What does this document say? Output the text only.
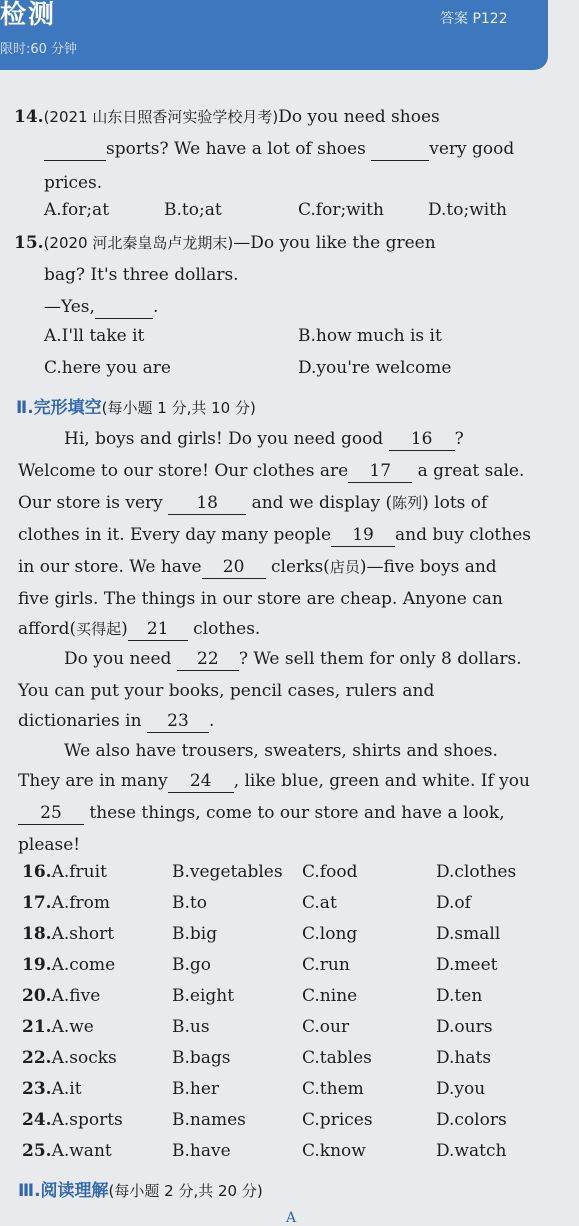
检测
限时:60 分钟
答案 P122
14.(2021 山东日照香河实验学校月考)Do you need shoes
sports? We have a lot of shoes	very good
prices.
A.for;at	B.to;at	C.for;with	D.to;with
15.(2020 河北秦皇岛卢龙期末)—Do you like the green
bag? It's three dollars.
—Yes,	.
A.I'll take it	B.how much is it
C.here you are	D.you're welcome
Ⅱ.完形填空(每小题 1 分,共 10 分)
Hi, boys and girls! Do you need good 16 ?
Welcome to our store! Our clothes are 17 a great sale.
Our store is very 18 and we display (陈列) lots of
clothes in it. Every day many people 19 and buy clothes
in our store. We have 20 clerks(店员)—five boys and
five girls. The things in our store are cheap. Anyone can
afford(买得起) 21 clothes.
Do you need 22 ? We sell them for only 8 dollars.
You can put your books, pencil cases, rulers and
dictionaries in 23 .
We also have trousers, sweaters, shirts and shoes.
They are in many 24 , like blue, green and white. If you
25 these things, come to our store and have a look,
please!
16.A.fruit	B.vegetables C.food	D.clothes
17.A.from	B.to	C.at	D.of
18.A.short	B.big	C.long	D.small
19.A.come	B.go	C.run	D.meet
20.A.five	B.eight	C.nine	D.ten
21.A.we	B.us	C.our	D.ours
22.A.socks	B.bags	C.tables	D.hats
23.A.it	B.her	C.them	D.you
24.A.sports	B.names	C.prices	D.colors
25.A.want	B.have	C.know	D.watch
Ⅲ.阅读理解(每小题 2 分,共 20 分)
A
